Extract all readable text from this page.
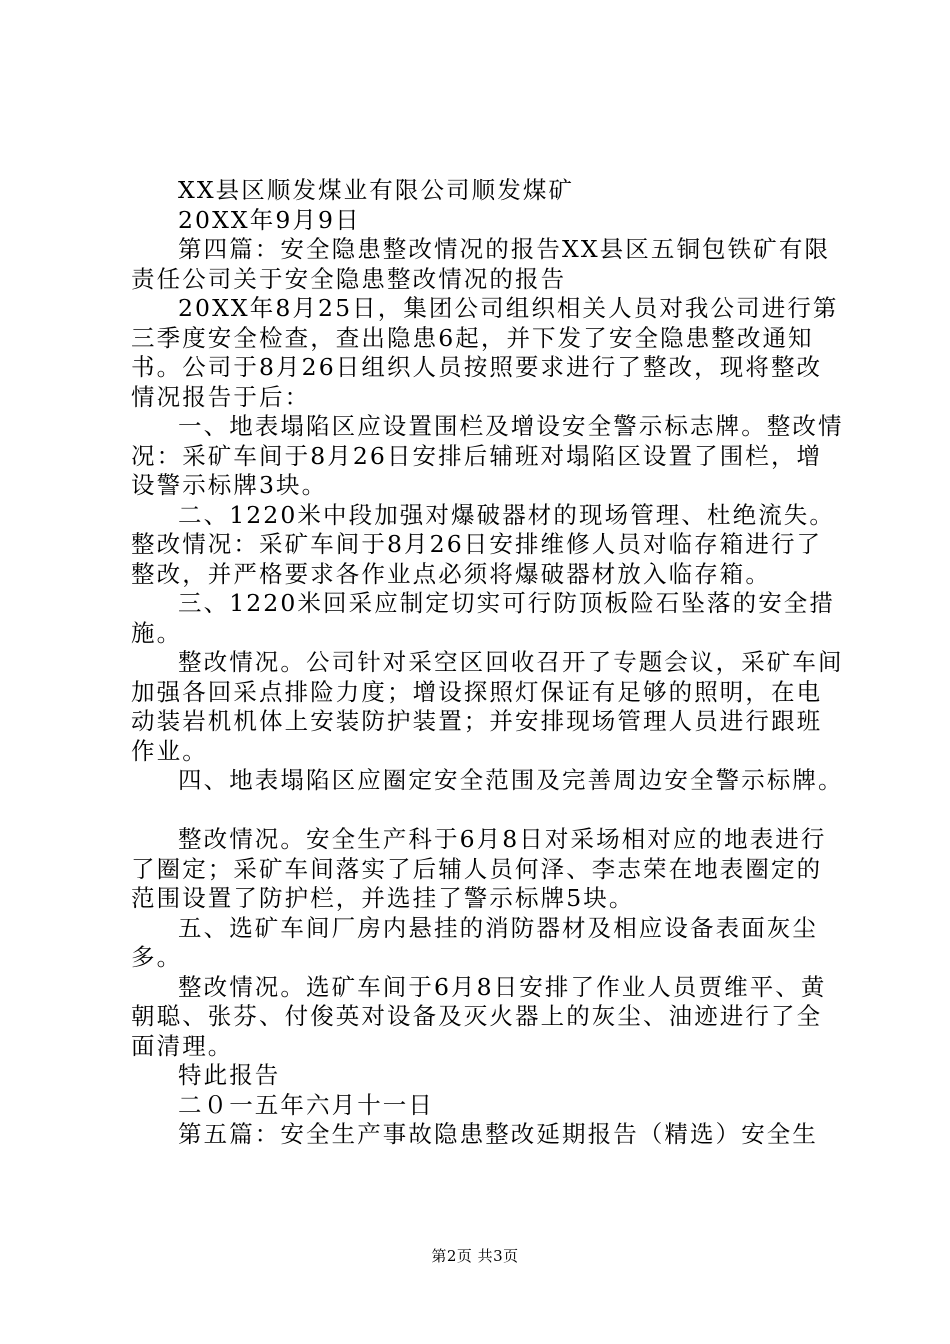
XX县区顺发煤业有限公司顺发煤矿

20XX年9月9日

第四篇：安全隐患整改情况的报告XX县区五铜包铁矿有限责任公司关于安全隐患整改情况的报告

20XX年8月25日，集团公司组织相关人员对我公司进行第三季度安全检查，查出隐患6起，并下发了安全隐患整改通知书。公司于8月26日组织人员按照要求进行了整改，现将整改情况报告于后：

一、地表塌陷区应设置围栏及增设安全警示标志牌。整改情况：采矿车间于8月26日安排后辅班对塌陷区设置了围栏，增设警示标牌3块。

二、1220米中段加强对爆破器材的现场管理、杜绝流失。整改情况：采矿车间于8月26日安排维修人员对临存箱进行了整改，并严格要求各作业点必须将爆破器材放入临存箱。

三、1220米回采应制定切实可行防顶板险石坠落的安全措施。

整改情况。公司针对采空区回收召开了专题会议，采矿车间加强各回采点排险力度；增设探照灯保证有足够的照明，在电动装岩机机体上安装防护装置；并安排现场管理人员进行跟班作业。

四、地表塌陷区应圈定安全范围及完善周边安全警示标牌。

整改情况。安全生产科于6月8日对采场相对应的地表进行了圈定；采矿车间落实了后辅人员何泽、李志荣在地表圈定的范围设置了防护栏，并选挂了警示标牌5块。

五、选矿车间厂房内悬挂的消防器材及相应设备表面灰尘多。

整改情况。选矿车间于6月8日安排了作业人员贾维平、黄朝聪、张芬、付俊英对设备及灭火器上的灰尘、油迹进行了全面清理。

特此报告

二０一五年六月十一日

第五篇：安全生产事故隐患整改延期报告（精选）安全生

第2页 共3页
